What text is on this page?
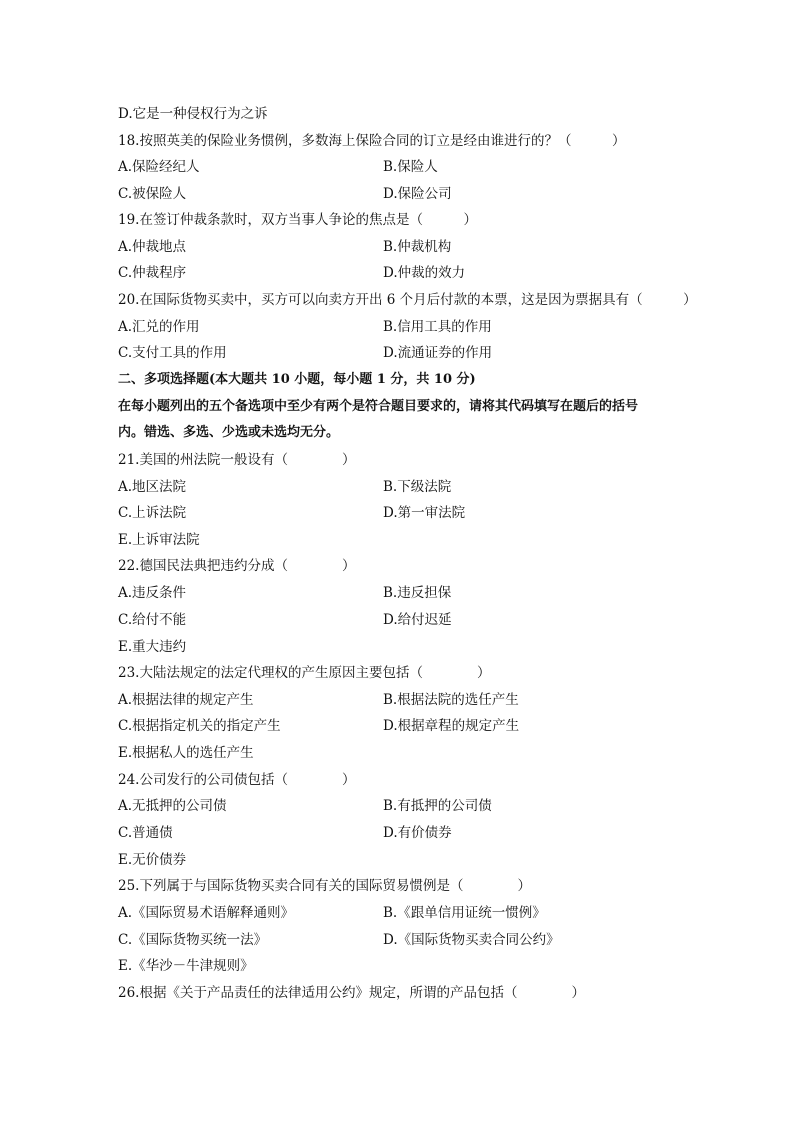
D.它是一种侵权行为之诉
18.按照英美的保险业务惯例，多数海上保险合同的订立是经由谁进行的？（　　　）
A.保险经纪人	B.保险人
C.被保险人	D.保险公司
19.在签订仲裁条款时，双方当事人争论的焦点是（　　　）
A.仲裁地点	B.仲裁机构
C.仲裁程序	D.仲裁的效力
20.在国际货物买卖中，买方可以向卖方开出 6 个月后付款的本票，这是因为票据具有（　　　）
A.汇兑的作用	B.信用工具的作用
C.支付工具的作用	D.流通证券的作用
二、多项选择题(本大题共 10 小题，每小题 1 分，共 10 分)
在每小题列出的五个备选项中至少有两个是符合题目要求的，请将其代码填写在题后的括号
内。错选、多选、少选或未选均无分。
21.美国的州法院一般设有（　　　　）
A.地区法院	B.下级法院
C.上诉法院	D.第一审法院
E.上诉审法院
22.德国民法典把违约分成（　　　　）
A.违反条件	B.违反担保
C.给付不能	D.给付迟延
E.重大违约
23.大陆法规定的法定代理权的产生原因主要包括（　　　　）
A.根据法律的规定产生	B.根据法院的选任产生
C.根据指定机关的指定产生	D.根据章程的规定产生
E.根据私人的选任产生
24.公司发行的公司债包括（　　　　）
A.无抵押的公司债	B.有抵押的公司债
C.普通债	D.有价债券
E.无价债券
25.下列属于与国际货物买卖合同有关的国际贸易惯例是（　　　　）
A.《国际贸易术语解释通则》	B.《跟单信用证统一惯例》
C.《国际货物买统一法》	D.《国际货物买卖合同公约》
E.《华沙－牛津规则》
26.根据《关于产品责任的法律适用公约》规定，所谓的产品包括（　　　　）
